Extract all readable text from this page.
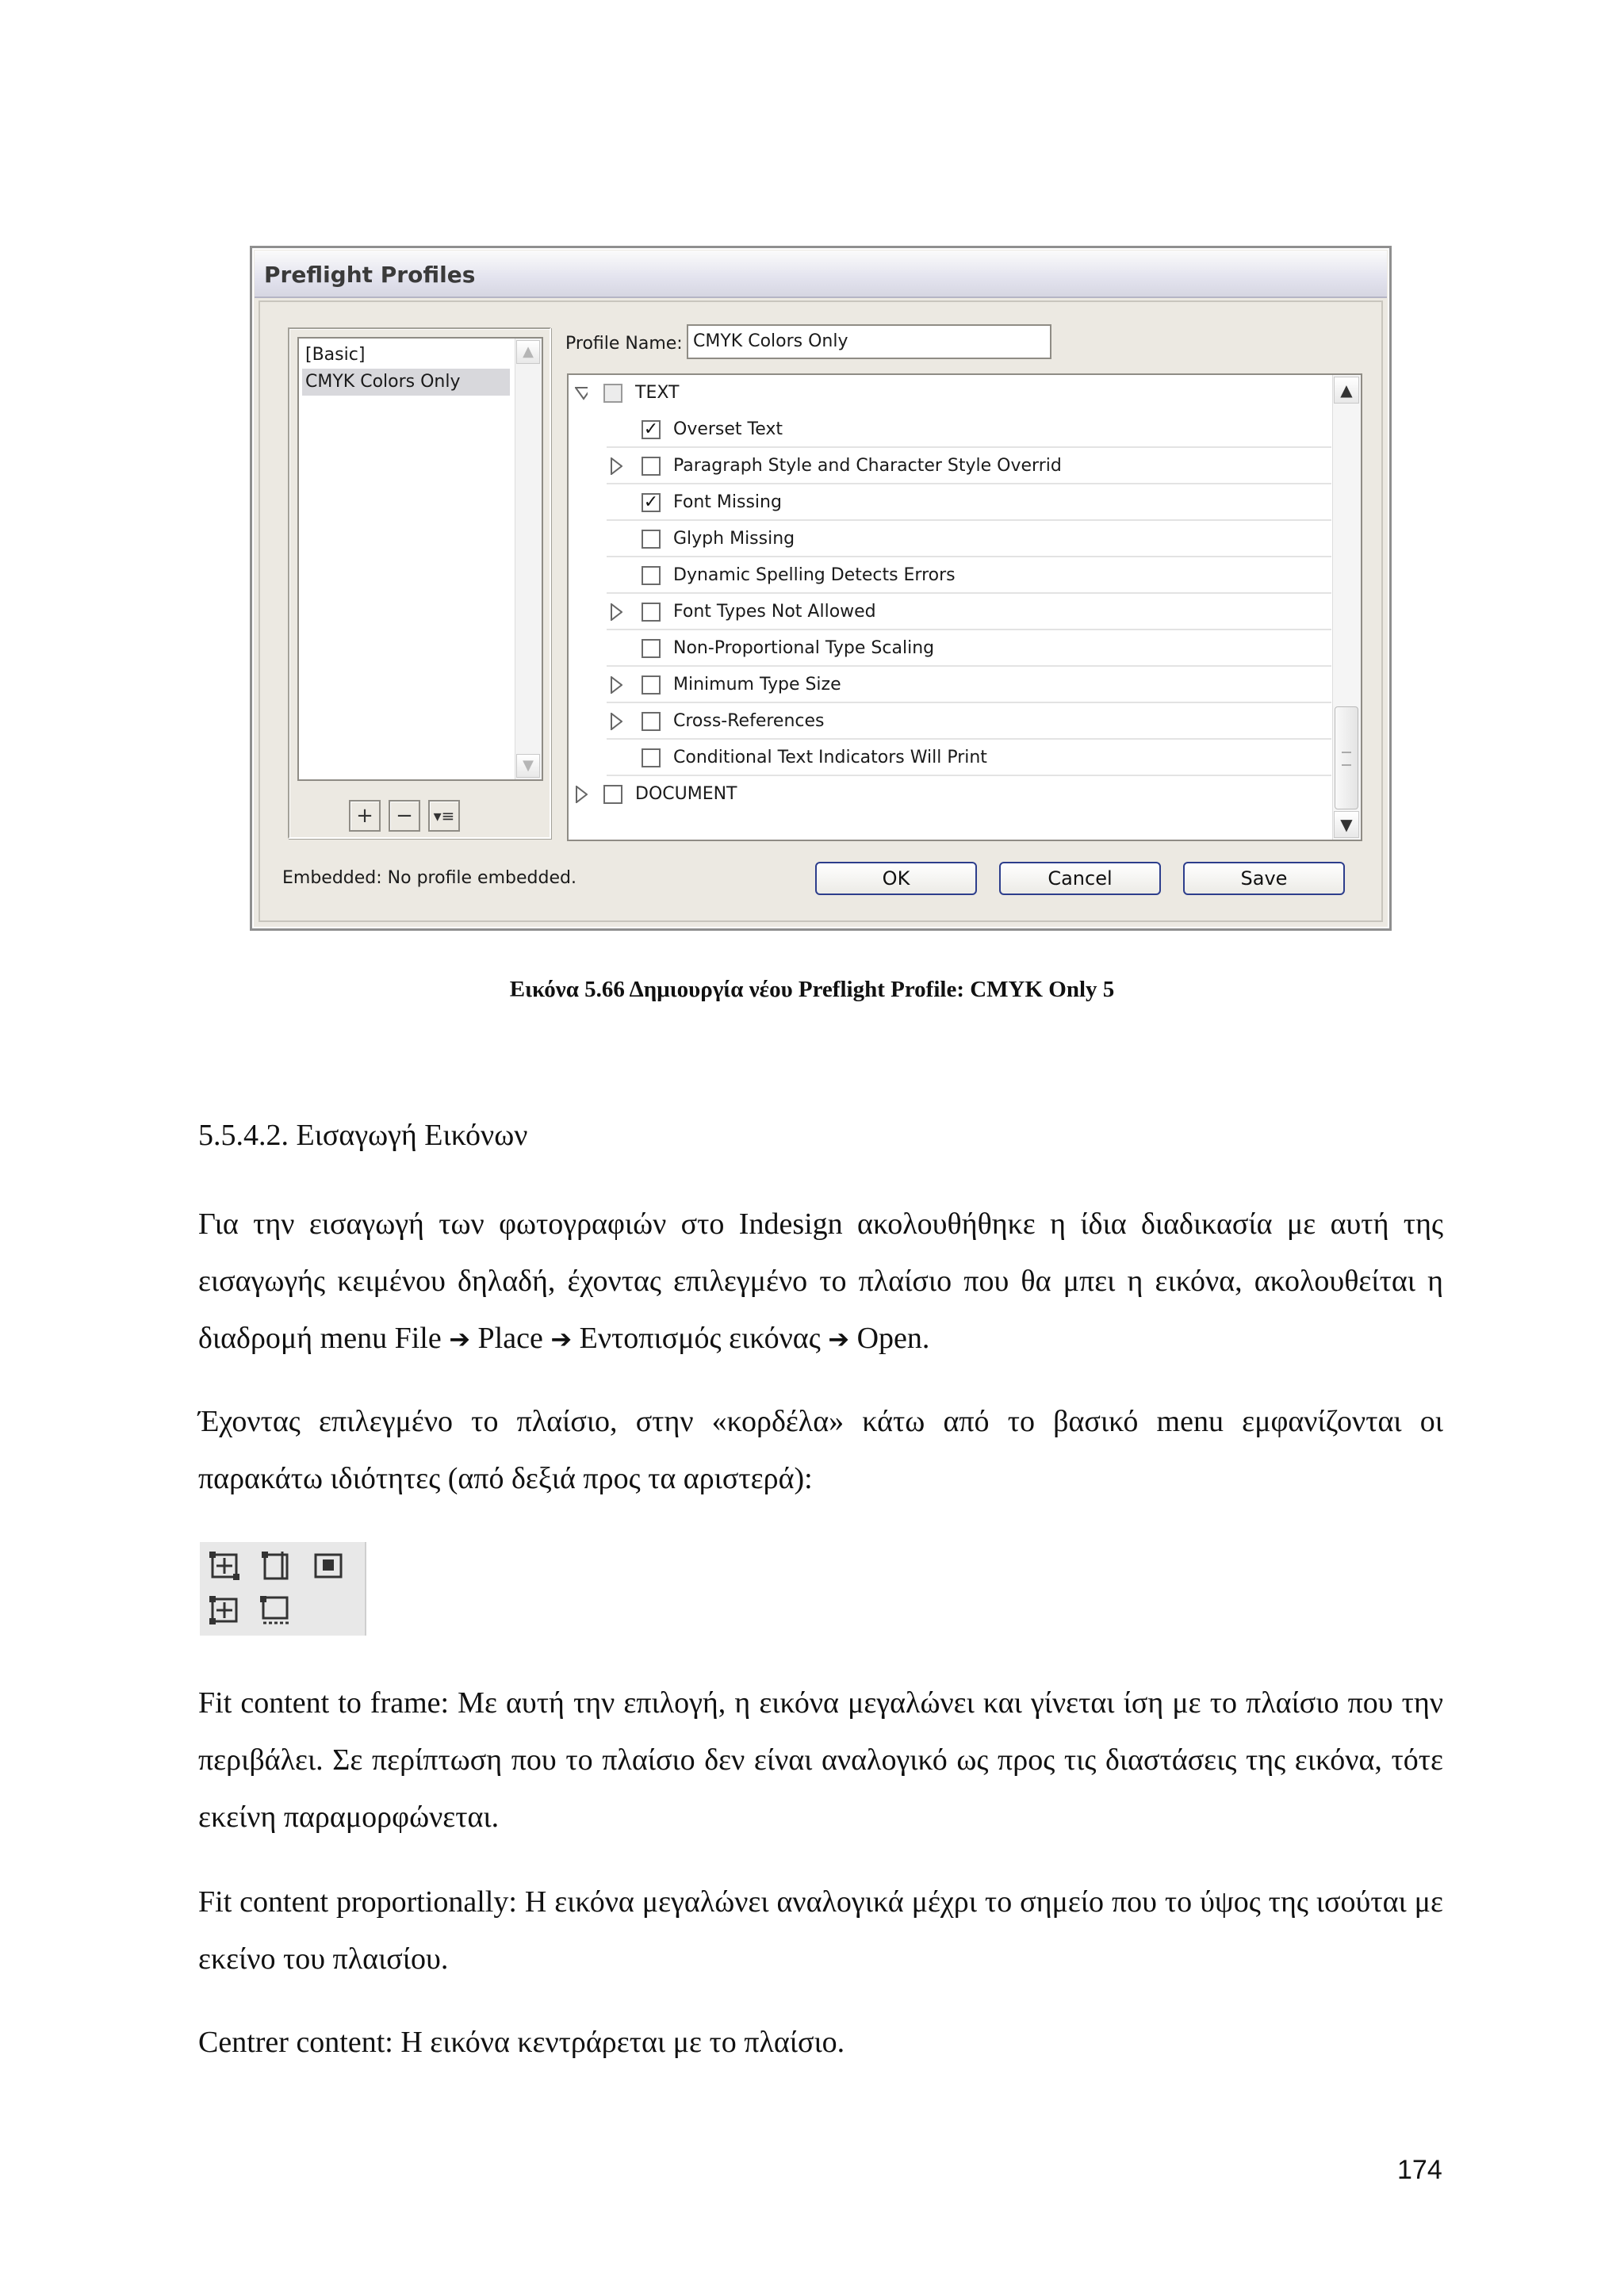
Preflight Profiles
[Basic]
CMYK Colors Only
▲
▼
+	−	▾≡
Profile Name: CMYK Colors Only
TEXT
✓ Overset Text
Paragraph Style and Character Style Overrid
✓ Font Missing
Glyph Missing
Dynamic Spelling Detects Errors
Font Types Not Allowed
Non-Proportional Type Scaling
Minimum Type Size
Cross-References
Conditional Text Indicators Will Print
DOCUMENT
▲
▼
Embedded: No profile embedded.	OK	Cancel	Save
Εικόνα 5.66 Δημιουργία νέου Preflight Profile: CMYK Only 5
5.5.4.2. Εισαγωγή Εικόνων
Για την εισαγωγή των φωτογραφιών στο Indesign ακολουθήθηκε η ίδια διαδικασία με αυτή της εισαγωγής κειμένου δηλαδή, έχοντας επιλεγμένο το πλαίσιο που θα μπει η εικόνα, ακολουθείται η διαδρομή menu File ➔ Place ➔ Εντοπισμός εικόνας ➔ Open.
Έχοντας επιλεγμένο το πλαίσιο, στην «κορδέλα» κάτω από το βασικό menu εμφανίζονται οι παρακάτω ιδιότητες (από δεξιά προς τα αριστερά):
Fit content to frame: Με αυτή την επιλογή, η εικόνα μεγαλώνει και γίνεται ίση με το πλαίσιο που την περιβάλει. Σε περίπτωση που το πλαίσιο δεν είναι αναλογικό ως προς τις διαστάσεις της εικόνα, τότε εκείνη παραμορφώνεται.
Fit content proportionally: Η εικόνα μεγαλώνει αναλογικά μέχρι το σημείο που το ύψος της ισούται με εκείνο του πλαισίου.
Centrer content: Η εικόνα κεντράρεται με το πλαίσιο.
174
